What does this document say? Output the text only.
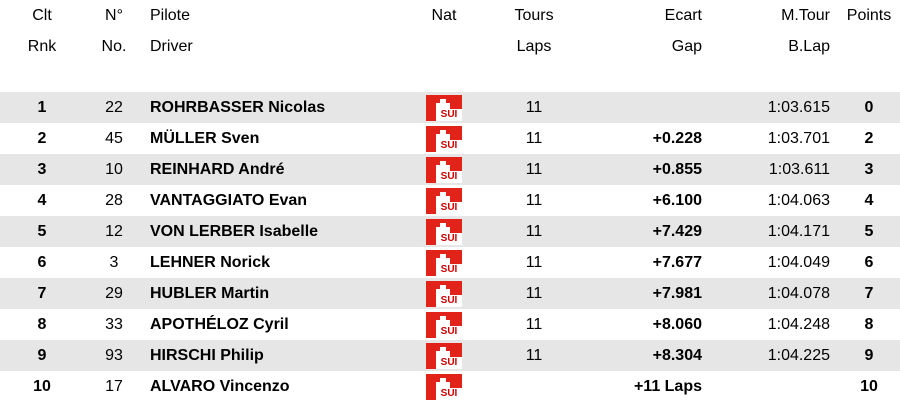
Clt	N°	Pilote	Nat	Tours	Ecart	M.Tour	Points
Rnk	No.	Driver		Laps	Gap	B.Lap	

1	22	ROHRBASSER Nicolas	SUI	11		1:03.615	0
2	45	MÜLLER Sven	SUI	11	+0.228	1:03.701	2
3	10	REINHARD André	SUI	11	+0.855	1:03.611	3
4	28	VANTAGGIATO Evan	SUI	11	+6.100	1:04.063	4
5	12	VON LERBER Isabelle	SUI	11	+7.429	1:04.171	5
6	3	LEHNER Norick	SUI	11	+7.677	1:04.049	6
7	29	HUBLER Martin	SUI	11	+7.981	1:04.078	7
8	33	APOTHÉLOZ Cyril	SUI	11	+8.060	1:04.248	8
9	93	HIRSCHI Philip	SUI	11	+8.304	1:04.225	9
10	17	ALVARO Vincenzo	SUI		+11 Laps		10
